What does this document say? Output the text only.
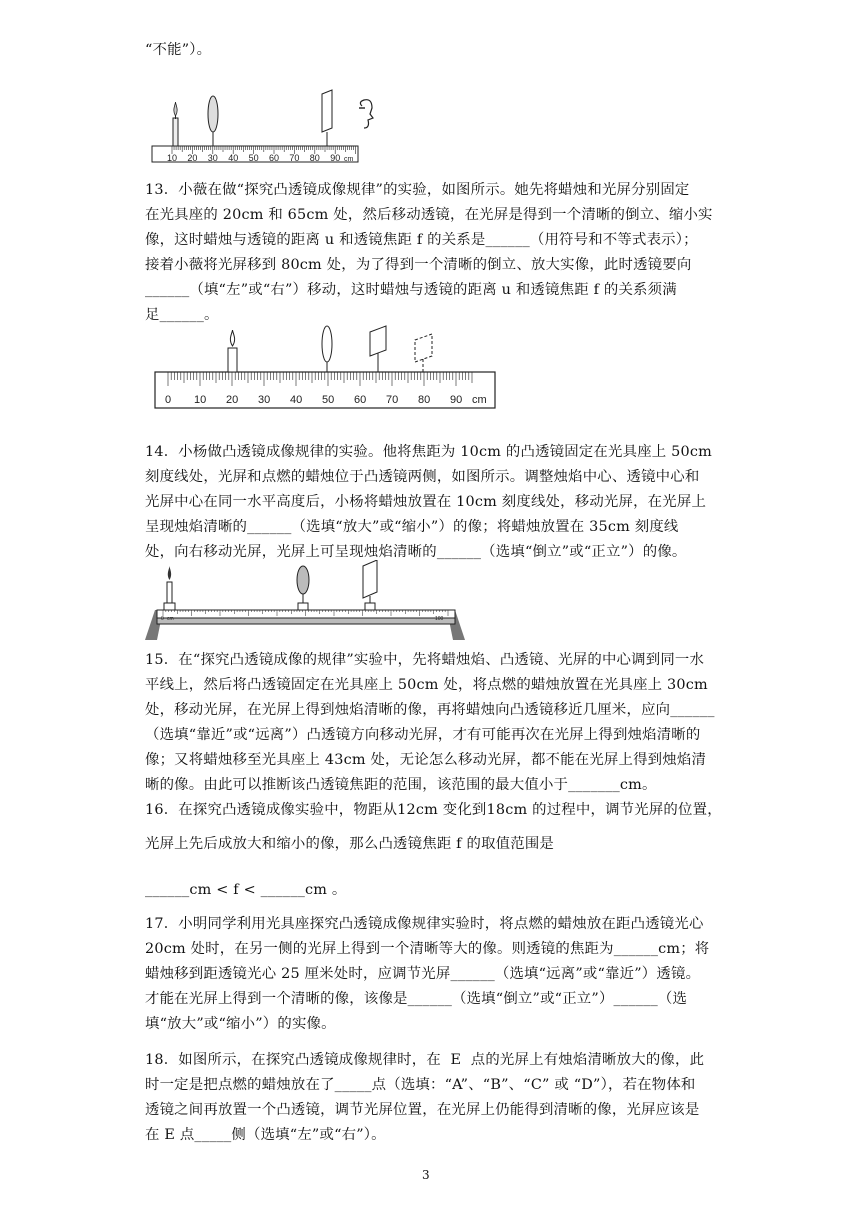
“不能”）。
10 20 30 40 50 60 70 80 90 cm
13．小薇在做“探究凸透镜成像规律”的实验，如图所示。她先将蜡烛和光屏分别固定
在光具座的 20cm 和 65cm 处，然后移动透镜，在光屏是得到一个清晰的倒立、缩小实
像，这时蜡烛与透镜的距离 u 和透镜焦距 f 的关系是______（用符号和不等式表示）；
接着小薇将光屏移到 80cm 处，为了得到一个清晰的倒立、放大实像，此时透镜要向
______（填“左”或“右”）移动，这时蜡烛与透镜的距离 u 和透镜焦距 f 的关系须满
足______。
0 10 20 30 40 50 60 70 80 90 cm
14．小杨做凸透镜成像规律的实验。他将焦距为 10cm 的凸透镜固定在光具座上 50cm
刻度线处，光屏和点燃的蜡烛位于凸透镜两侧，如图所示。调整烛焰中心、透镜中心和
光屏中心在同一水平高度后，小杨将蜡烛放置在 10cm 刻度线处，移动光屏，在光屏上
呈现烛焰清晰的______（选填“放大”或“缩小”）的像；将蜡烛放置在 35cm 刻度线
处，向右移动光屏，光屏上可呈现烛焰清晰的______（选填“倒立”或“正立”）的像。
0 cm	100
15．在“探究凸透镜成像的规律”实验中，先将蜡烛焰、凸透镜、光屏的中心调到同一水
平线上，然后将凸透镜固定在光具座上 50cm 处，将点燃的蜡烛放置在光具座上 30cm
处，移动光屏，在光屏上得到烛焰清晰的像，再将蜡烛向凸透镜移近几厘米，应向______
（选填“靠近”或“远离”）凸透镜方向移动光屏，才有可能再次在光屏上得到烛焰清晰的
像；又将蜡烛移至光具座上 43cm 处，无论怎么移动光屏，都不能在光屏上得到烛焰清
晰的像。由此可以推断该凸透镜焦距的范围，该范围的最大值小于_______cm。
16．在探究凸透镜成像实验中，物距从12cm 变化到18cm 的过程中，调节光屏的位置，
光屏上先后成放大和缩小的像，那么凸透镜焦距 f 的取值范围是
______cm < f < ______cm 。
17．小明同学利用光具座探究凸透镜成像规律实验时，将点燃的蜡烛放在距凸透镜光心
20cm 处时，在另一侧的光屏上得到一个清晰等大的像。则透镜的焦距为______cm；将
蜡烛移到距透镜光心 25 厘米处时，应调节光屏______（选填“远离”或“靠近”）透镜。
才能在光屏上得到一个清晰的像，该像是______（选填“倒立”或“正立”）______（选
填“放大”或“缩小”）的实像。
18．如图所示，在探究凸透镜成像规律时，在  E  点的光屏上有烛焰清晰放大的像，此
时一定是把点燃的蜡烛放在了_____点（选填：“A”、“B”、“C” 或 “D”），若在物体和
透镜之间再放置一个凸透镜，调节光屏位置，在光屏上仍能得到清晰的像，光屏应该是
在 E 点_____侧（选填“左”或“右”）。
3
